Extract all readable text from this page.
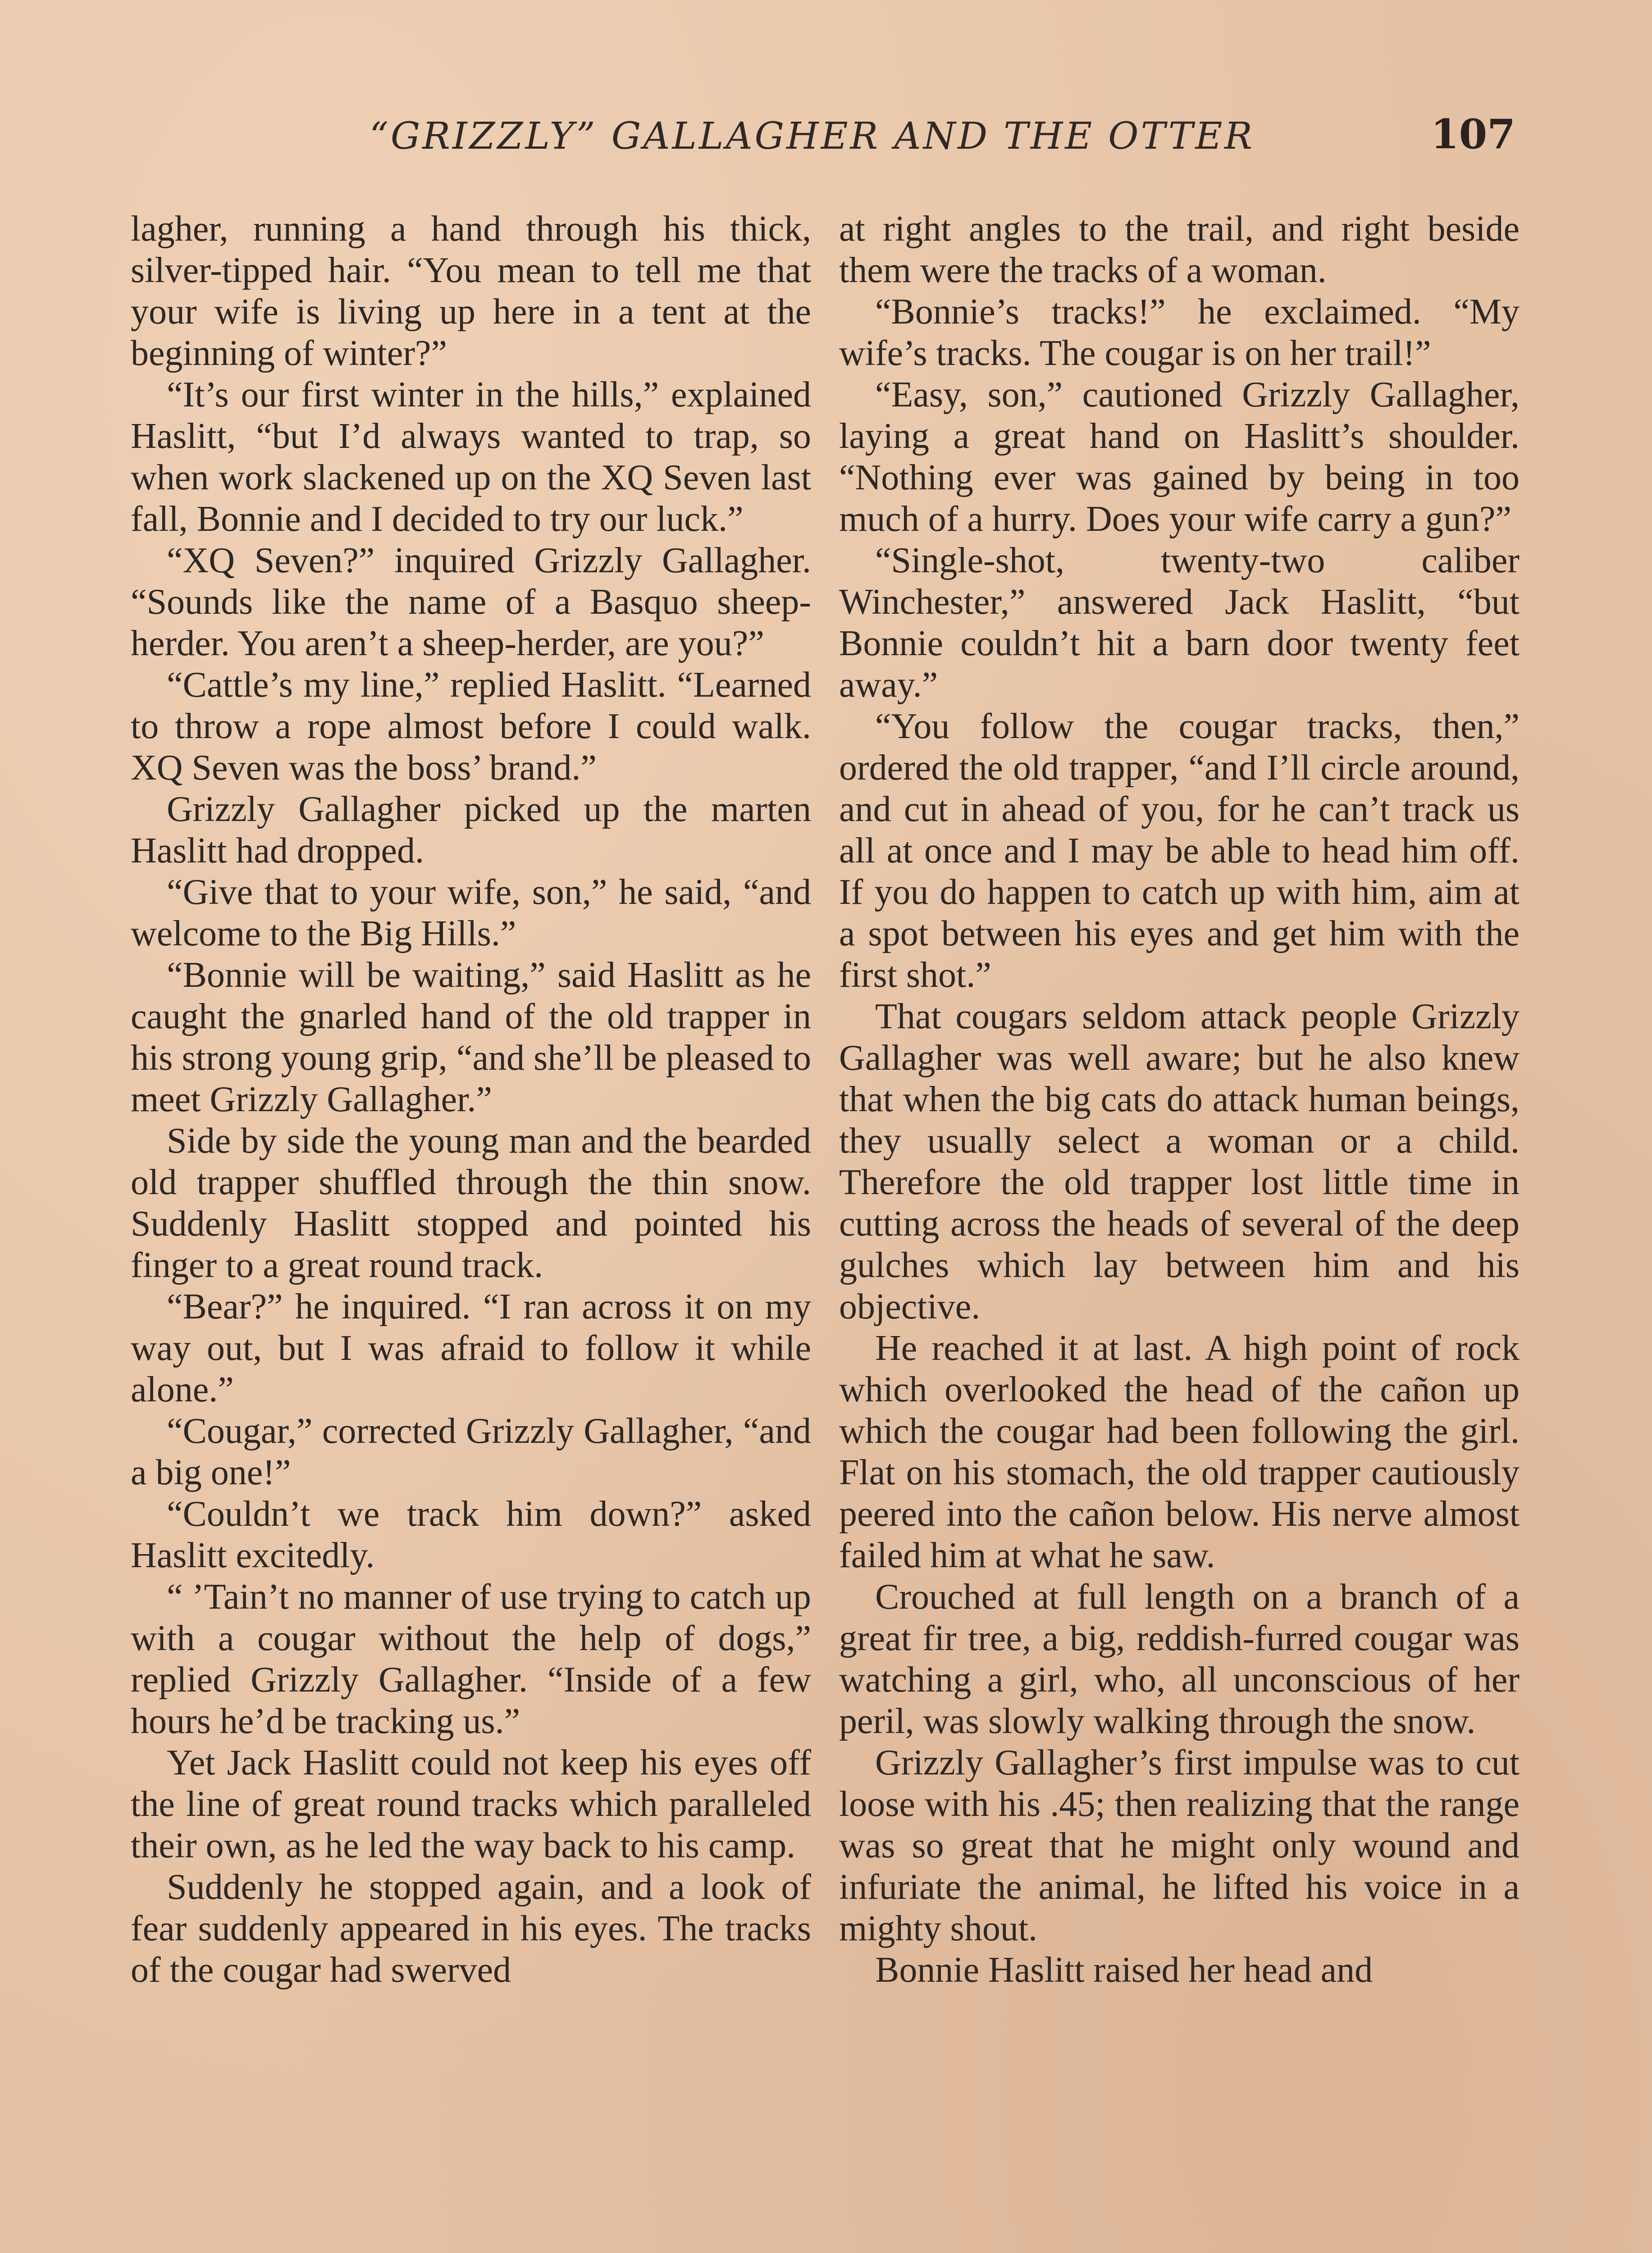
“GRIZZLY” GALLAGHER AND THE OTTER	107

lagher, running a hand through his thick, silver-tipped hair. “You mean to tell me that your wife is living up here in a tent at the beginning of winter?”

“It’s our first winter in the hills,” explained Haslitt, “but I’d always wanted to trap, so when work slackened up on the XQ Seven last fall, Bonnie and I decided to try our luck.”

“XQ Seven?” inquired Grizzly Gallagher. “Sounds like the name of a Basquo sheep-herder. You aren’t a sheep-herder, are you?”

“Cattle’s my line,” replied Haslitt. “Learned to throw a rope almost before I could walk. XQ Seven was the boss’ brand.”

Grizzly Gallagher picked up the marten Haslitt had dropped.

“Give that to your wife, son,” he said, “and welcome to the Big Hills.”

“Bonnie will be waiting,” said Haslitt as he caught the gnarled hand of the old trapper in his strong young grip, “and she’ll be pleased to meet Grizzly Gallagher.”

Side by side the young man and the bearded old trapper shuffled through the thin snow. Suddenly Haslitt stopped and pointed his finger to a great round track.

“Bear?” he inquired. “I ran across it on my way out, but I was afraid to follow it while alone.”

“Cougar,” corrected Grizzly Gallagher, “and a big one!”

“Couldn’t we track him down?” asked Haslitt excitedly.

“ ’Tain’t no manner of use trying to catch up with a cougar without the help of dogs,” replied Grizzly Gallagher. “Inside of a few hours he’d be tracking us.”

Yet Jack Haslitt could not keep his eyes off the line of great round tracks which paralleled their own, as he led the way back to his camp.

Suddenly he stopped again, and a look of fear suddenly appeared in his eyes. The tracks of the cougar had swerved

at right angles to the trail, and right beside them were the tracks of a woman.

“Bonnie’s tracks!” he exclaimed. “My wife’s tracks. The cougar is on her trail!”

“Easy, son,” cautioned Grizzly Gallagher, laying a great hand on Haslitt’s shoulder. “Nothing ever was gained by being in too much of a hurry. Does your wife carry a gun?”

“Single-shot, twenty-two caliber Winchester,” answered Jack Haslitt, “but Bonnie couldn’t hit a barn door twenty feet away.”

“You follow the cougar tracks, then,” ordered the old trapper, “and I’ll circle around, and cut in ahead of you, for he can’t track us all at once and I may be able to head him off. If you do happen to catch up with him, aim at a spot between his eyes and get him with the first shot.”

That cougars seldom attack people Grizzly Gallagher was well aware; but he also knew that when the big cats do attack human beings, they usually select a woman or a child. Therefore the old trapper lost little time in cutting across the heads of several of the deep gulches which lay between him and his objective.

He reached it at last. A high point of rock which overlooked the head of the cañon up which the cougar had been following the girl. Flat on his stomach, the old trapper cautiously peered into the cañon below. His nerve almost failed him at what he saw.

Crouched at full length on a branch of a great fir tree, a big, reddish-furred cougar was watching a girl, who, all unconscious of her peril, was slowly walking through the snow.

Grizzly Gallagher’s first impulse was to cut loose with his .45; then realizing that the range was so great that he might only wound and infuriate the animal, he lifted his voice in a mighty shout.

Bonnie Haslitt raised her head and
